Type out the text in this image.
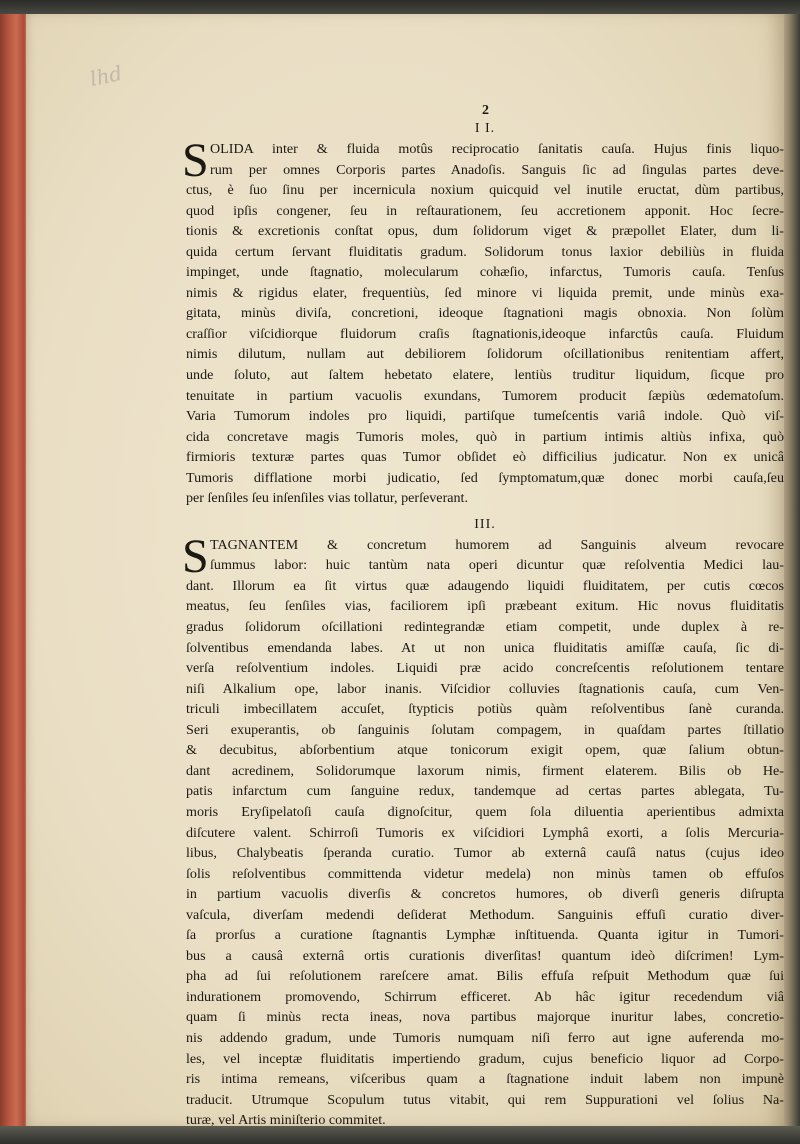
lhd
2
I I.
S OLIDA inter & fluida motûs reciprocatio ſanitatis cauſa. Hujus finis liquo-
rum per omnes Corporis partes Anadoſis. Sanguis ſic ad ſingulas partes deve-
ctus, è ſuo ſinu per incernicula noxium quicquid vel inutile eructat, dùm partibus,
quod ipſis congener, ſeu in reſtaurationem, ſeu accretionem apponit. Hoc ſecre-
tionis & excretionis conſtat opus, dum ſolidorum viget & præpollet Elater, dum li-
quida certum ſervant fluiditatis gradum. Solidorum tonus laxior debiliùs in fluida
impinget, unde ſtagnatio, molecularum cohæſio, infarctus, Tumoris cauſa. Tenſus
nimis & rigidus elater, frequentiùs, ſed minore vi liquida premit, unde minùs exa-
gitata, minùs diviſa, concretioni, ideoque ſtagnationi magis obnoxia. Non ſolùm
craſſior viſcidiorque fluidorum craſis ſtagnationis,ideoque infarctûs cauſa. Fluidum
nimis dilutum, nullam aut debiliorem ſolidorum oſcillationibus renitentiam affert,
unde ſoluto, aut ſaltem hebetato elatere, lentiùs truditur liquidum, ſicque pro
tenuitate in partium vacuolis exundans, Tumorem producit ſæpiùs œdematoſum.
Varia Tumorum indoles pro liquidi, partiſque tumeſcentis variâ indole. Quò viſ-
cida concretave magis Tumoris moles, quò in partium intimis altiùs infixa, quò
firmioris texturæ partes quas Tumor obſidet eò difficilius judicatur. Non ex unicâ
Tumoris difflatione morbi judicatio, ſed ſymptomatum,quæ donec morbi cauſa,ſeu
per ſenſiles ſeu inſenſiles vias tollatur, perſeverant.
III.
S TAGNANTEM & concretum humorem ad Sanguinis alveum revocare
ſummus labor: huic tantùm nata operi dicuntur quæ reſolventia Medici lau-
dant. Illorum ea ſit virtus quæ adaugendo liquidi fluiditatem, per cutis cœcos
meatus, ſeu ſenſiles vias, faciliorem ipſi præbeant exitum. Hic novus fluiditatis
gradus ſolidorum oſcillationi redintegrandæ etiam competit, unde duplex à re-
ſolventibus emendanda labes. At ut non unica fluiditatis amiſſæ cauſa, ſic di-
verſa reſolventium indoles. Liquidi præ acido concreſcentis reſolutionem tentare
niſi Alkalium ope, labor inanis. Viſcidior colluvies ſtagnationis cauſa, cum Ven-
triculi imbecillatem accuſet, ſtypticis potiùs quàm reſolventibus ſanè curanda.
Seri exuperantis, ob ſanguinis ſolutam compagem, in quaſdam partes ſtillatio
& decubitus, abſorbentium atque tonicorum exigit opem, quæ ſalium obtun-
dant acredinem, Solidorumque laxorum nimis, firment elaterem. Bilis ob He-
patis infarctum cum ſanguine redux, tandemque ad certas partes ablegata, Tu-
moris Eryſipelatoſi cauſa dignoſcitur, quem ſola diluentia aperientibus admixta
diſcutere valent. Schirroſi Tumoris ex viſcidiori Lymphâ exorti, a ſolis Mercuria-
libus, Chalybeatis ſperanda curatio. Tumor ab externâ cauſâ natus (cujus ideo
ſolis reſolventibus committenda videtur medela) non minùs tamen ob effuſos
in partium vacuolis diverſis & concretos humores, ob diverſi generis diſrupta
vaſcula, diverſam medendi deſiderat Methodum. Sanguinis effuſi curatio diver-
ſa prorſus a curatione ſtagnantis Lymphæ inſtituenda. Quanta igitur in Tumori-
bus a causâ externâ ortis curationis diverſitas! quantum ideò diſcrimen! Lym-
pha ad ſui reſolutionem rareſcere amat. Bilis effuſa reſpuit Methodum quæ ſui
indurationem promovendo, Schirrum efficeret. Ab hâc igitur recedendum viâ
quam ſi minùs recta ineas, nova partibus majorque inuritur labes, concretio-
nis addendo gradum, unde Tumoris numquam niſi ferro aut igne auferenda mo-
les, vel inceptæ fluiditatis impertiendo gradum, cujus beneficio liquor ad Corpo-
ris intima remeans, viſceribus quam a ſtagnatione induit labem non impunè
traducit. Utrumque Scopulum tutus vitabit, qui rem Suppurationi vel ſolius Na-
turæ, vel Artis miniſterio commitet.
